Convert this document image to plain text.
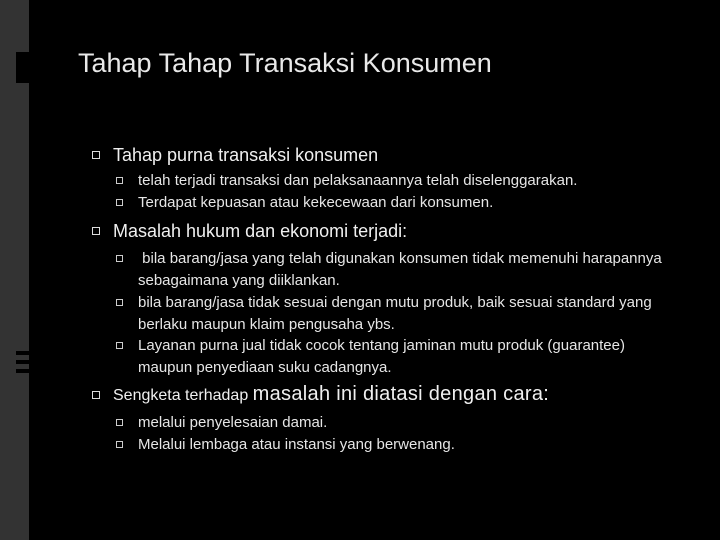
Tahap Tahap Transaksi Konsumen
Tahap purna transaksi konsumen
telah terjadi transaksi dan pelaksanaannya telah diselenggarakan.
Terdapat kepuasan atau kekecewaan dari konsumen.
Masalah hukum dan ekonomi terjadi:
bila barang/jasa yang telah digunakan konsumen tidak memenuhi harapannya sebagaimana yang diiklankan.
bila barang/jasa tidak sesuai dengan mutu produk, baik sesuai standard yang berlaku maupun klaim pengusaha ybs.
Layanan purna jual tidak cocok tentang jaminan mutu produk (guarantee) maupun penyediaan suku cadangnya.
Sengketa terhadap masalah ini diatasi dengan cara:
melalui penyelesaian damai.
Melalui lembaga atau instansi yang berwenang.
